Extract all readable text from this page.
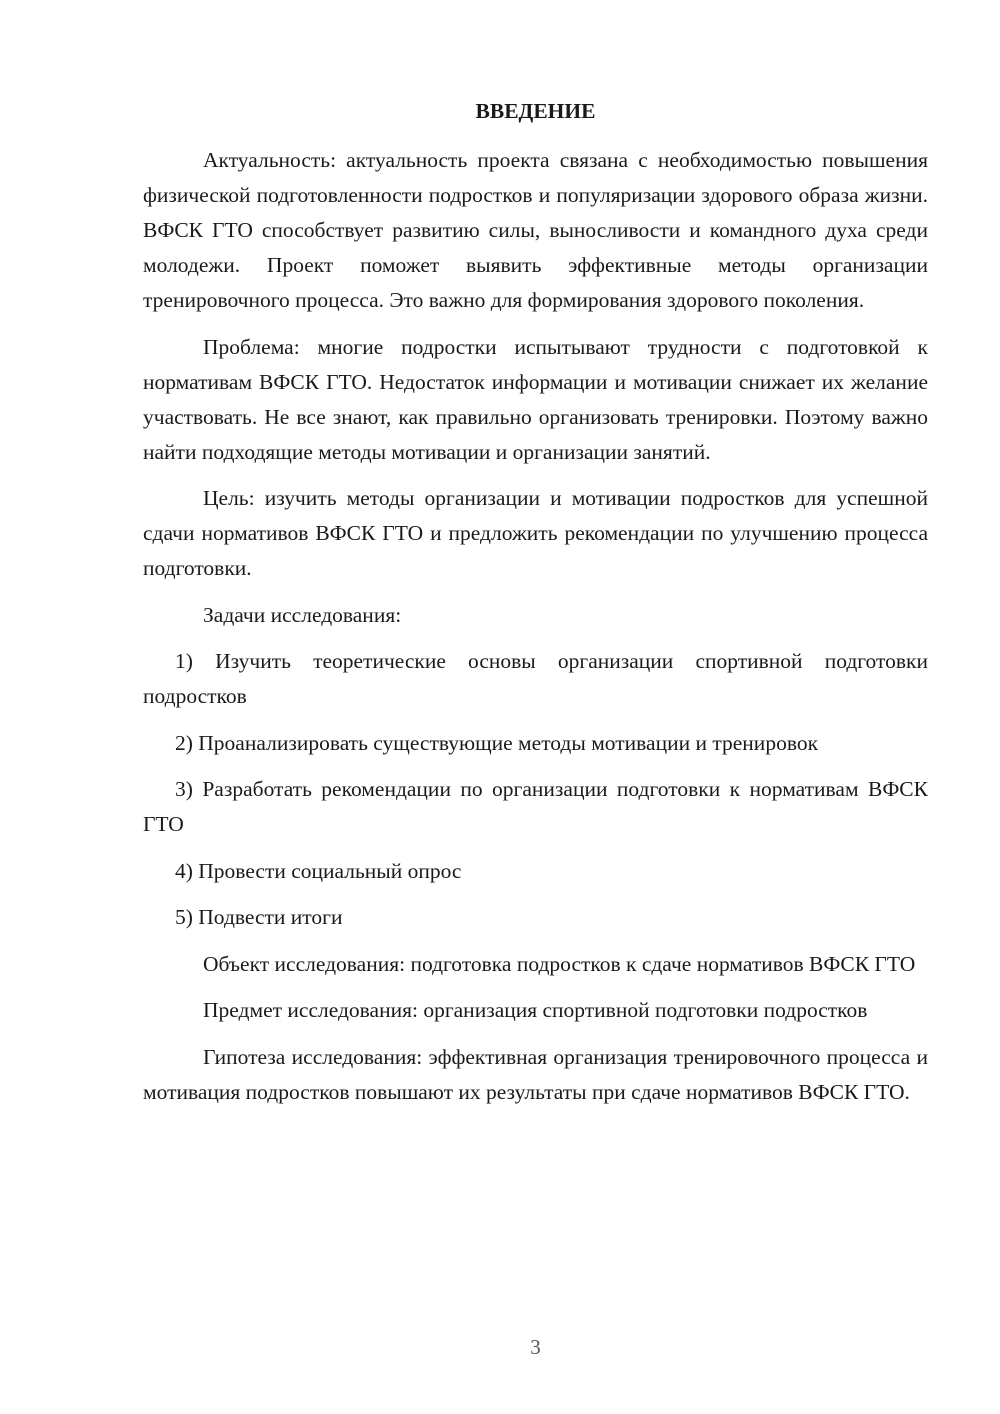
ВВЕДЕНИЕ

Актуальность: актуальность проекта связана с необходимостью повышения физической подготовленности подростков и популяризации здорового образа жизни. ВФСК ГТО способствует развитию силы, выносливости и командного духа среди молодежи. Проект поможет выявить эффективные методы организации тренировочного процесса. Это важно для формирования здорового поколения.

Проблема: многие подростки испытывают трудности с подготовкой к нормативам ВФСК ГТО. Недостаток информации и мотивации снижает их желание участвовать. Не все знают, как правильно организовать тренировки. Поэтому важно найти подходящие методы мотивации и организации занятий.

Цель: изучить методы организации и мотивации подростков для успешной сдачи нормативов ВФСК ГТО и предложить рекомендации по улучшению процесса подготовки.

Задачи исследования:

1) Изучить теоретические основы организации спортивной подготовки подростков

2) Проанализировать существующие методы мотивации и тренировок

3) Разработать рекомендации по организации подготовки к нормативам ВФСК ГТО

4) Провести социальный опрос

5) Подвести итоги

Объект исследования: подготовка подростков к сдаче нормативов ВФСК ГТО

Предмет исследования: организация спортивной подготовки подростков

Гипотеза исследования: эффективная организация тренировочного процесса и мотивация подростков повышают их результаты при сдаче нормативов ВФСК ГТО.

3
